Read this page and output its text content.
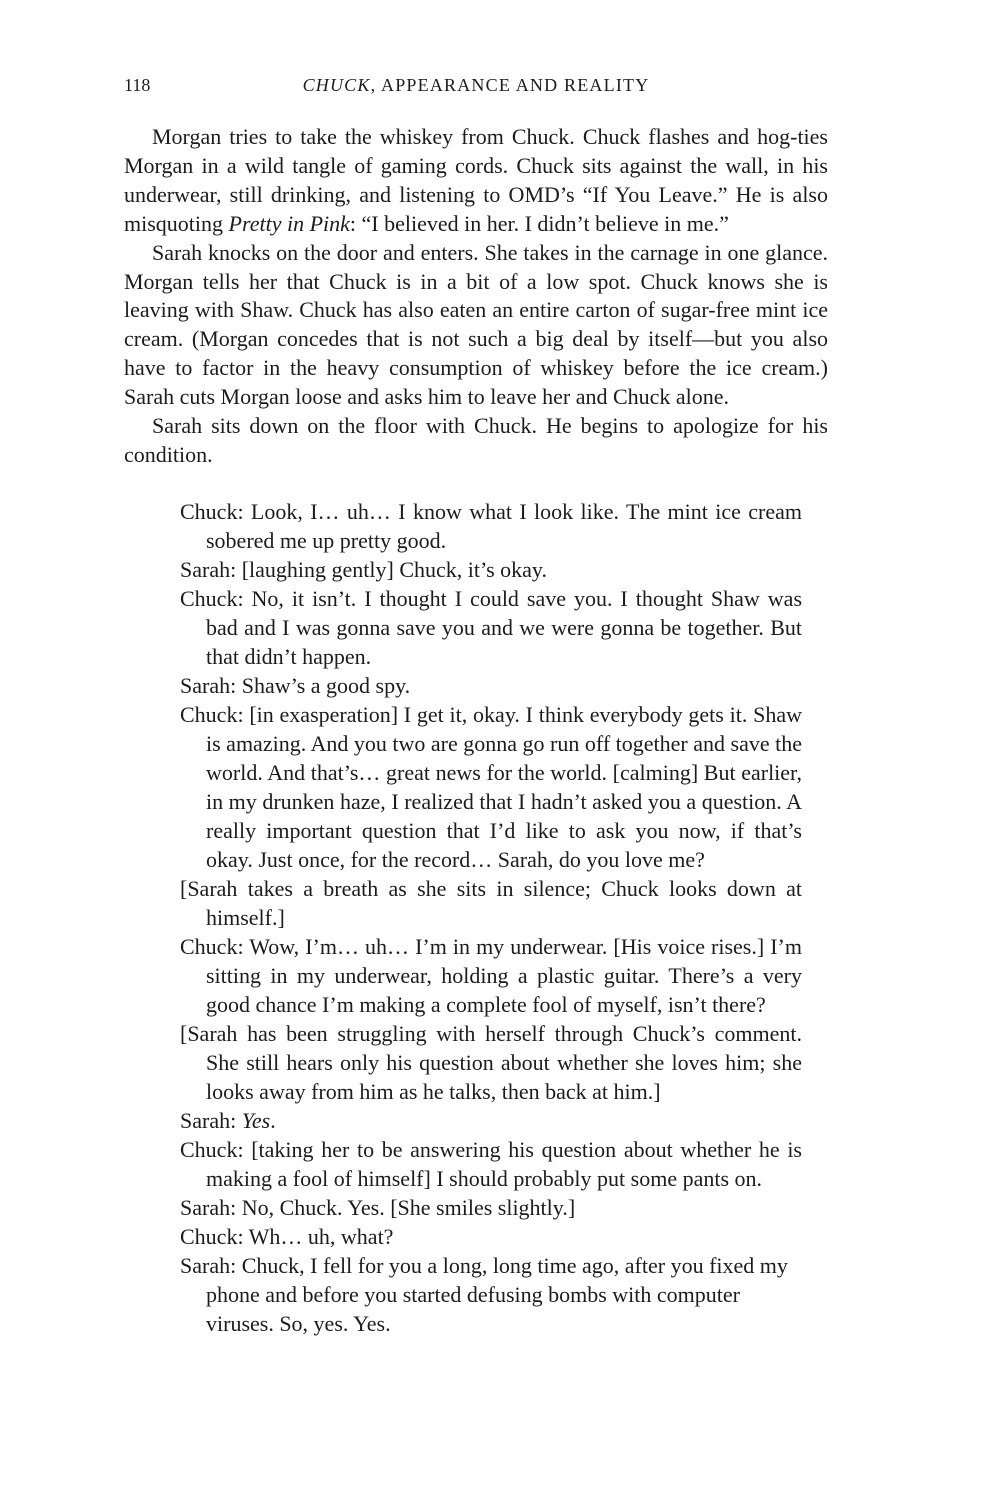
118	CHUCK, APPEARANCE AND REALITY

Morgan tries to take the whiskey from Chuck. Chuck flashes and hog-ties Morgan in a wild tangle of gaming cords. Chuck sits against the wall, in his underwear, still drinking, and listening to OMD’s “If You Leave.” He is also misquoting Pretty in Pink: “I believed in her. I didn’t believe in me.”

Sarah knocks on the door and enters. She takes in the carnage in one glance. Morgan tells her that Chuck is in a bit of a low spot. Chuck knows she is leaving with Shaw. Chuck has also eaten an entire carton of sugar-free mint ice cream. (Morgan concedes that is not such a big deal by itself—but you also have to factor in the heavy consumption of whiskey before the ice cream.) Sarah cuts Morgan loose and asks him to leave her and Chuck alone.

Sarah sits down on the floor with Chuck. He begins to apologize for his condition.

Chuck: Look, I… uh… I know what I look like. The mint ice cream sobered me up pretty good.

Sarah: [laughing gently] Chuck, it’s okay.

Chuck: No, it isn’t. I thought I could save you. I thought Shaw was bad and I was gonna save you and we were gonna be together. But that didn’t happen.

Sarah: Shaw’s a good spy.

Chuck: [in exasperation] I get it, okay. I think everybody gets it. Shaw is amazing. And you two are gonna go run off together and save the world. And that’s… great news for the world. [calming] But earlier, in my drunken haze, I realized that I hadn’t asked you a question. A really important question that I’d like to ask you now, if that’s okay. Just once, for the record… Sarah, do you love me?

[Sarah takes a breath as she sits in silence; Chuck looks down at himself.]

Chuck: Wow, I’m… uh… I’m in my underwear. [His voice rises.] I’m sitting in my underwear, holding a plastic guitar. There’s a very good chance I’m making a complete fool of myself, isn’t there?

[Sarah has been struggling with herself through Chuck’s comment. She still hears only his question about whether she loves him; she looks away from him as he talks, then back at him.]

Sarah: Yes.

Chuck: [taking her to be answering his question about whether he is making a fool of himself] I should probably put some pants on.

Sarah: No, Chuck. Yes. [She smiles slightly.]

Chuck: Wh… uh, what?

Sarah: Chuck, I fell for you a long, long time ago, after you fixed my phone and before you started defusing bombs with computer viruses. So, yes. Yes.
